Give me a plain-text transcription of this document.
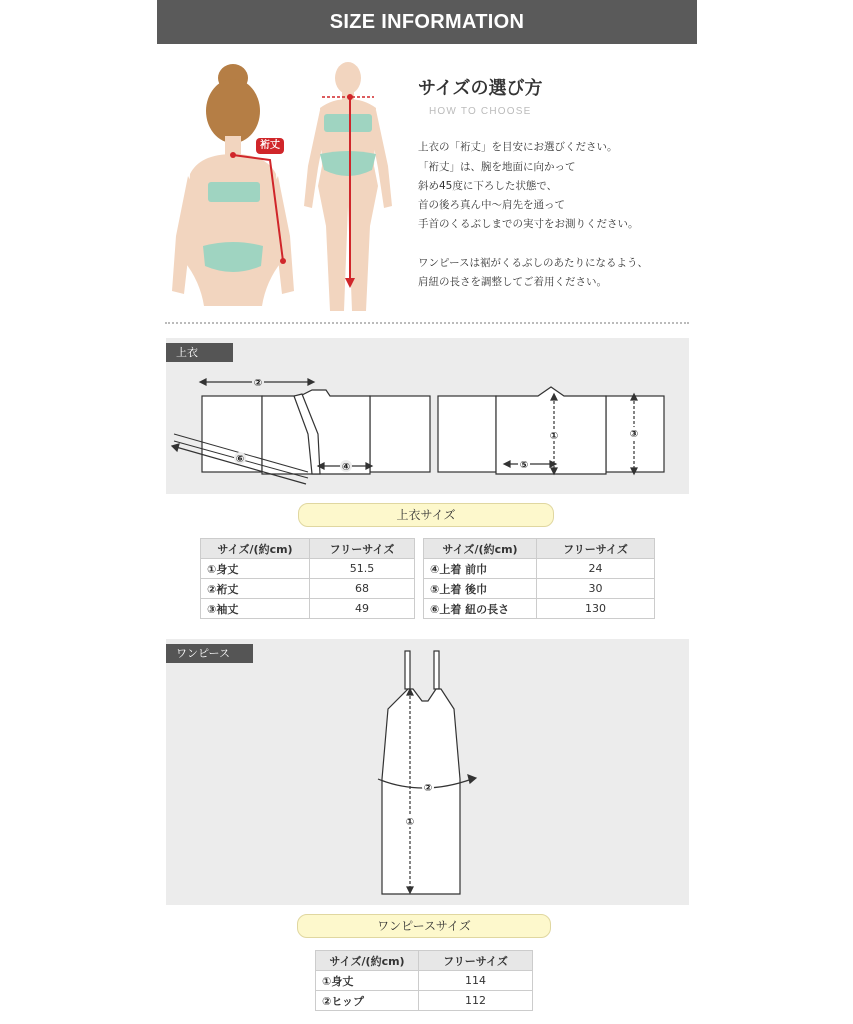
SIZE INFORMATION
裄丈
サイズの選び方
HOW TO CHOOSE
上衣の「裄丈」を目安にお選びください。
「裄丈」は、腕を地面に向かって
斜め45度に下ろした状態で、
首の後ろ真ん中〜肩先を通って
手首のくるぶしまでの実寸をお測りください。
ワンピースは裾がくるぶしのあたりになるよう、
肩紐の長さを調整してご着用ください。
上衣
②
⑥
④
①	③
⑤
上衣サイズ
サイズ/(約cm)	フリーサイズ
①身丈	51.5
②裄丈	68
③袖丈	49
サイズ/(約cm)	フリーサイズ
④上着 前巾	24
⑤上着 後巾	30
⑥上着 紐の長さ	130
ワンピース
②
①
ワンピースサイズ
サイズ/(約cm)	フリーサイズ
①身丈	114
②ヒップ	112
